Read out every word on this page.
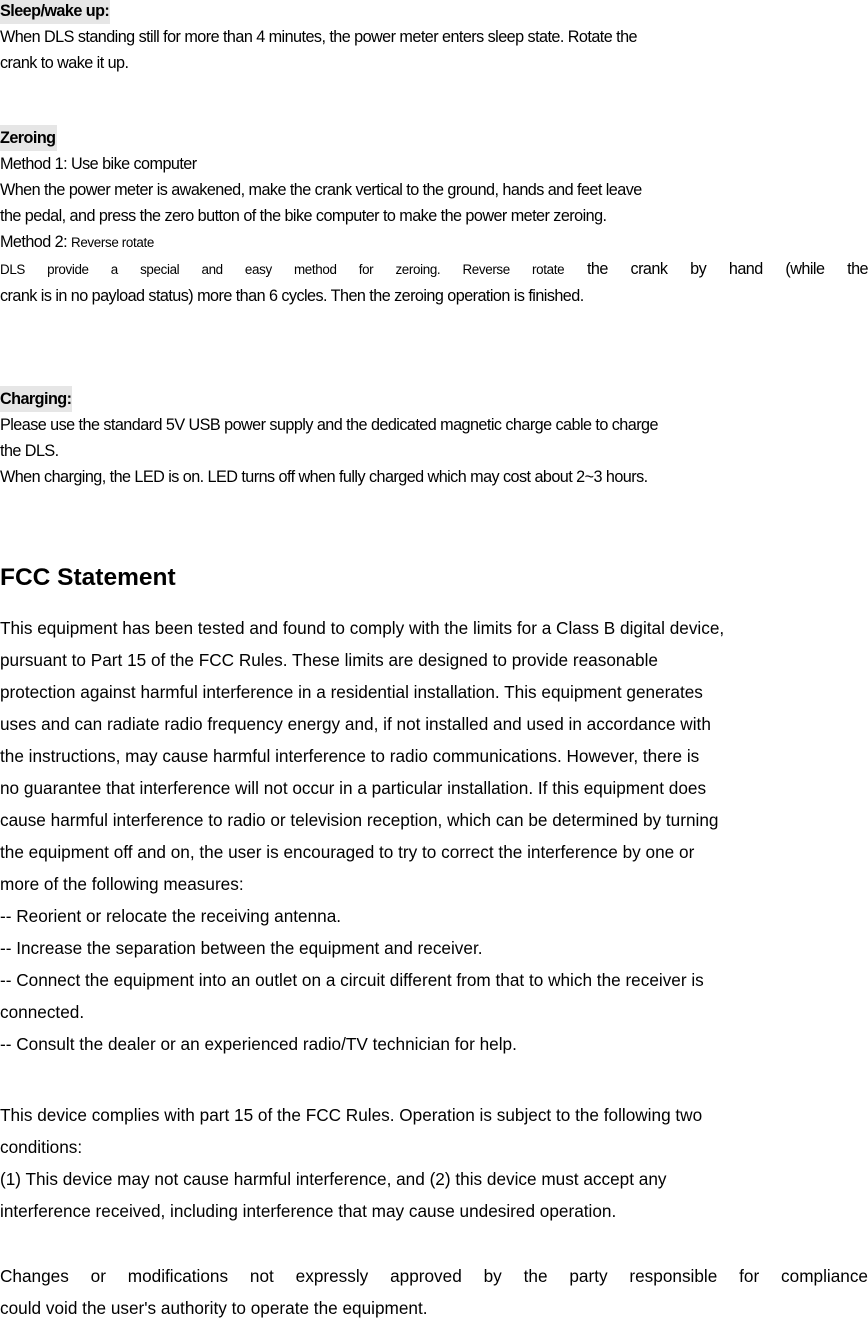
Sleep/wake up:

When DLS standing still for more than 4 minutes, the power meter enters sleep state. Rotate the

crank to wake it up.

Zeroing

Method 1: Use bike computer

When the power meter is awakened, make the crank vertical to the ground, hands and feet leave

the pedal, and press the zero button of the bike computer to make the power meter zeroing.

Method 2: Reverse rotate

DLS provide a special and easy method for zeroing. Reverse rotate the crank by hand (while the

crank is in no payload status) more than 6 cycles. Then the zeroing operation is finished.

Charging:

Please use the standard 5V USB power supply and the dedicated magnetic charge cable to charge

the DLS.

When charging, the LED is on. LED turns off when fully charged which may cost about 2~3 hours.

FCC Statement

This equipment has been tested and found to comply with the limits for a Class B digital device,

pursuant to Part 15 of the FCC Rules. These limits are designed to provide reasonable

protection against harmful interference in a residential installation. This equipment generates

uses and can radiate radio frequency energy and, if not installed and used in accordance with

the instructions, may cause harmful interference to radio communications. However, there is

no guarantee that interference will not occur in a particular installation. If this equipment does

cause harmful interference to radio or television reception, which can be determined by turning

the equipment off and on, the user is encouraged to try to correct the interference by one or

more of the following measures:

-- Reorient or relocate the receiving antenna.

-- Increase the separation between the equipment and receiver.

-- Connect the equipment into an outlet on a circuit different from that to which the receiver is

connected.

-- Consult the dealer or an experienced radio/TV technician for help.

This device complies with part 15 of the FCC Rules. Operation is subject to the following two

conditions:

(1) This device may not cause harmful interference, and (2) this device must accept any

interference received, including interference that may cause undesired operation.

Changes or modifications not expressly approved by the party responsible for compliance

could void the user's authority to operate the equipment.
